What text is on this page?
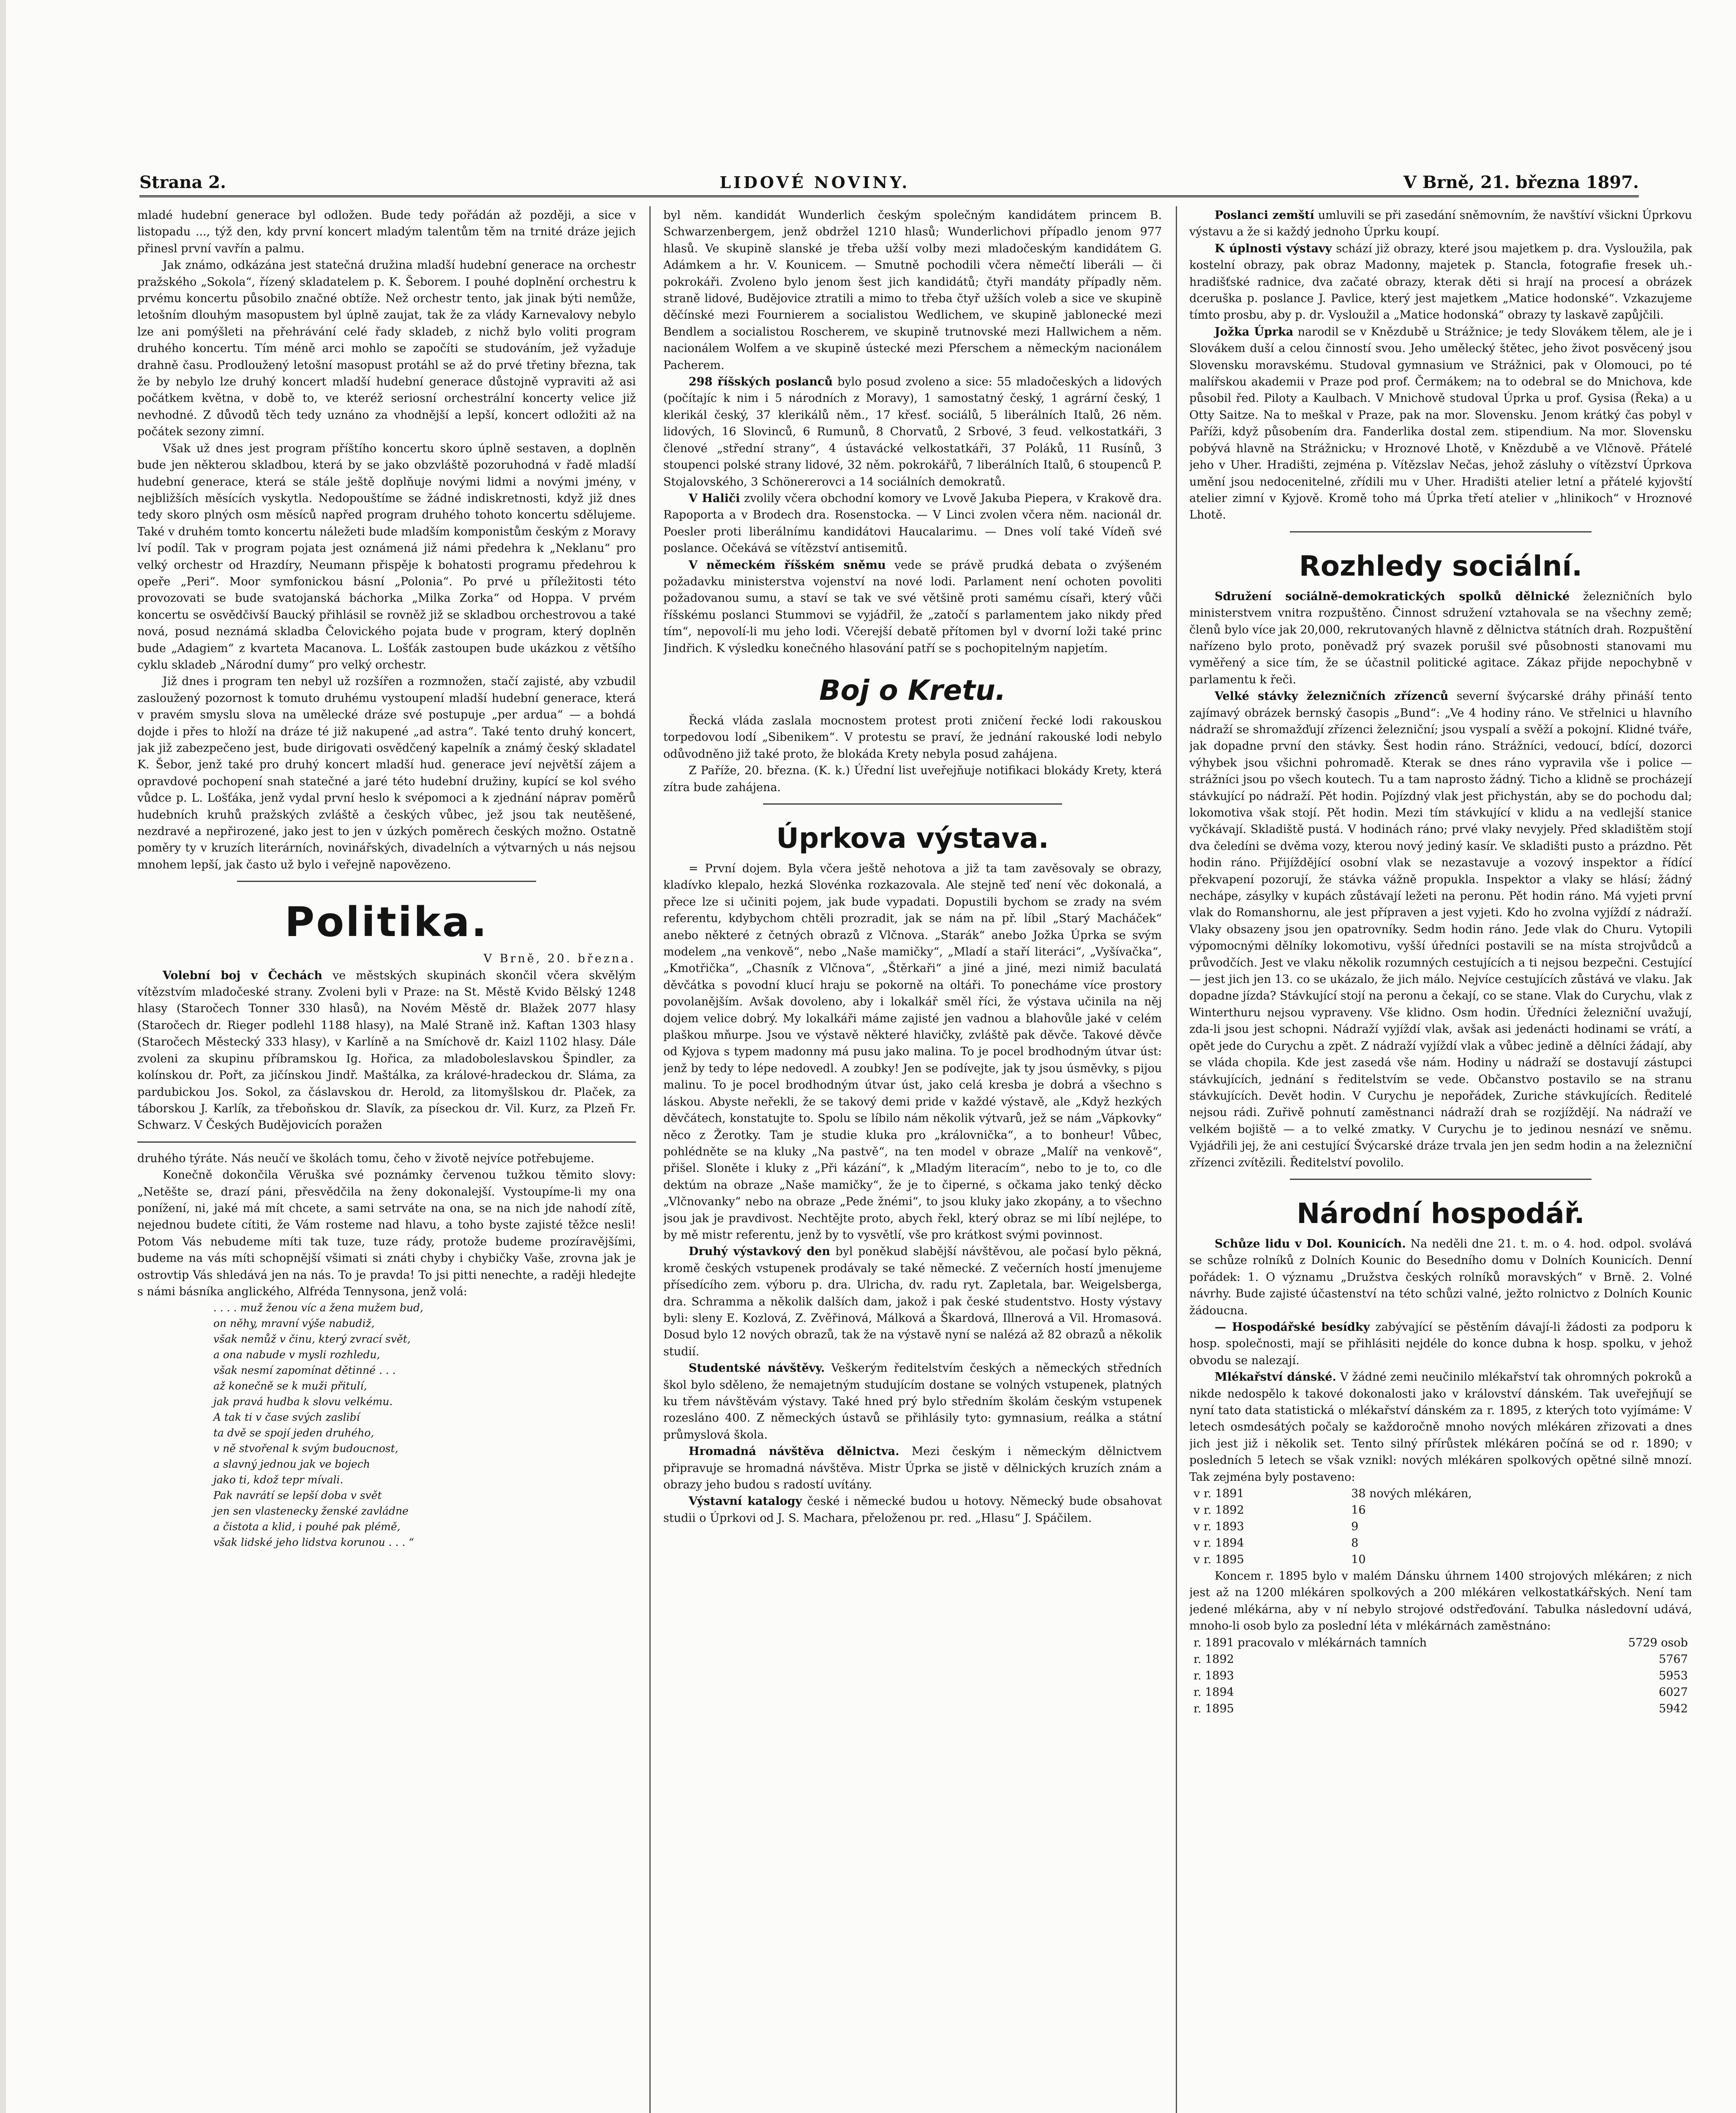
Strana 2.	LIDOVÉ NOVINY.	V Brně, 21. března 1897.

mladé hudební generace byl odložen. Bude tedy pořádán až později, a sice v listopadu ..., týž den, kdy první koncert mladým talentům těm na trnité dráze jejich přinesl první vavřín a palmu.

Jak známo, odkázána jest statečná družina mladší hudební generace na orchestr pražského „Sokola“, řízený skladatelem p. K. Šeborem. I pouhé doplnění orchestru k prvému koncertu působilo značné obtíže. Než orchestr tento, jak jinak býti nemůže, letošním dlouhým masopustem byl úplně zaujat, tak že za vlády Karnevalovy nebylo lze ani pomýšleti na přehrávání celé řady skladeb, z nichž bylo voliti program druhého koncertu. Tím méně arci mohlo se započíti se studováním, jež vyžaduje drahně času. Prodloužený letošní masopust protáhl se až do prvé třetiny března, tak že by nebylo lze druhý koncert mladší hudební generace důstojně vypraviti až asi počátkem května, v době to, ve kteréž seriosní orchestrální koncerty velice již nevhodné. Z důvodů těch tedy uznáno za vhodnější a lepší, koncert odložiti až na počátek sezony zimní.

Však už dnes jest program příštího koncertu skoro úplně sestaven, a doplněn bude jen některou skladbou, která by se jako obzvláště pozoruhodná v řadě mladší hudební generace, která se stále ještě doplňuje novými lidmi a novými jmény, v nejbližších měsících vyskytla. Nedopouštíme se žádné indiskretnosti, když již dnes tedy skoro plných osm měsíců napřed program druhého tohoto koncertu sdělujeme. Také v druhém tomto koncertu náležeti bude mladším komponistům českým z Moravy lví podíl. Tak v program pojata jest oznámená již námi předehra k „Neklanu“ pro velký orchestr od Hrazdíry, Neumann přispěje k bohatosti programu předehrou k opeře „Peri“. Moor symfonickou básní „Polonia“. Po prvé u příležitosti této provozovati se bude svatojanská báchorka „Milka Zorka“ od Hoppa. V prvém koncertu se osvědčivší Baucký přihlásil se rovněž již se skladbou orchestrovou a také nová, posud neznámá skladba Čelovického pojata bude v program, který doplněn bude „Adagiem“ z kvarteta Macanova. L. Lošťák zastoupen bude ukázkou z většího cyklu skladeb „Národní dumy“ pro velký orchestr.

Již dnes i program ten nebyl už rozšířen a rozmnožen, stačí zajisté, aby vzbudil zasloužený pozornost k tomuto druhému vystoupení mladší hudební generace, která v pravém smyslu slova na umělecké dráze své postupuje „per ardua“ — a bohdá dojde i přes to hloží na dráze té již nakupené „ad astra“. Také tento druhý koncert, jak již zabezpečeno jest, bude dirigovati osvědčený kapelník a známý český skladatel K. Šebor, jenž také pro druhý koncert mladší hud. generace jeví největší zájem a opravdové pochopení snah statečné a jaré této hudební družiny, kupící se kol svého vůdce p. L. Lošťáka, jenž vydal první heslo k svépomoci a k zjednání náprav poměrů hudebních kruhů pražských zvláště a českých vůbec, jež jsou tak neutěšené, nezdravé a nepřirozené, jako jest to jen v úzkých poměrech českých možno. Ostatně poměry ty v kruzích literárních, novinářských, divadelních a výtvarných u nás nejsou mnohem lepší, jak často už bylo i veřejně napovězeno.

Politika.
V Brně, 20. března.

Volební boj v Čechách ve městských skupinách skončil včera skvělým vítězstvím mladočeské strany. Zvoleni byli v Praze: na St. Městě Kvido Bělský 1248 hlasy (Staročech Tonner 330 hlasů), na Novém Městě dr. Blažek 2077 hlasy (Staročech dr. Rieger podlehl 1188 hlasy), na Malé Straně inž. Kaftan 1303 hlasy (Staročech Městecký 333 hlasy), v Karlíně a na Smíchově dr. Kaizl 1102 hlasy. Dále zvoleni za skupinu příbramskou Ig. Hořica, za mladoboleslavskou Špindler, za kolínskou dr. Pořt, za jičínskou Jindř. Maštálka, za králové-hradeckou dr. Sláma, za pardubickou Jos. Sokol, za čáslavskou dr. Herold, za litomyšlskou dr. Plaček, za táborskou J. Karlík, za třeboňskou dr. Slavík, za píseckou dr. Vil. Kurz, za Plzeň Fr. Schwarz. V Českých Budějovicích poražen

druhého týráte. Nás neučí ve školách tomu, čeho v životě nejvíce potřebujeme.

Konečně dokončila Věruška své poznámky červenou tužkou těmito slovy: „Netěšte se, drazí páni, přesvědčila na ženy dokonalejší. Vystoupíme-li my ona ponížení, ni, jaké má mít chcete, a sami setrváte na ona, se na nich jde nahodí zítě, nejednou budete cítiti, že Vám rosteme nad hlavu, a toho byste zajisté těžce nesli! Potom Vás nebudeme míti tak tuze, tuze rády, protože budeme prozíravějšími, budeme na vás míti schopnější všimati si znáti chyby i chybičky Vaše, zrovna jak je ostrovtip Vás shledává jen na nás. To je pravda! To jsi pitti nenechte, a raději hledejte s námi básníka anglického, Alfréda Tennysona, jenž volá:

. . . . muž ženou víc a žena mužem bud,
on něhy, mravní výše nabudiž,
však nemůž v činu, který zvrací svět,
a ona nabude v mysli rozhledu,
však nesmí zapomínat dětinné . . .
až konečně se k muži přitulí,
jak pravá hudba k slovu velkému.
A tak ti v čase svých zaslibí
ta dvě se spojí jeden druhého,
v ně stvořenal k svým budoucnost,
a slavný jednou jak ve bojech
jako ti, kdož tepr mívali.
Pak navrátí se lepší doba v svět
jen sen vlastenecky ženské zavládne
a čistota a klid, i pouhé pak plémě,
však lidské jeho lidstva korunou . . . “

byl něm. kandidát Wunderlich českým společným kandidátem princem B. Schwarzenbergem, jenž obdržel 1210 hlasů; Wunderlichovi případlo jenom 977 hlasů. Ve skupině slanské je třeba užší volby mezi mladočeským kandidátem G. Adámkem a hr. V. Kounicem. — Smutně pochodili včera němečtí liberáli — či pokrokáři. Zvoleno bylo jenom šest jich kandidátů; čtyři mandáty případly něm. straně lidové, Budějovice ztratili a mimo to třeba čtyř užších voleb a sice ve skupině děčínské mezi Fournierem a socialistou Wedlichem, ve skupině jablonecké mezi Bendlem a socialistou Roscherem, ve skupině trutnovské mezi Hallwichem a něm. nacionálem Wolfem a ve skupině ústecké mezi Pferschem a německým nacionálem Pacherem.

298 říšských poslanců bylo posud zvoleno a sice: 55 mladočeských a lidových (počítajíc k nim i 5 národních z Moravy), 1 samostatný český, 1 agrární český, 1 klerikál český, 37 klerikálů něm., 17 křesť. sociálů, 5 liberálních Italů, 26 něm. lidových, 16 Slovinců, 6 Rumunů, 8 Chorvatů, 2 Srbové, 3 feud. velkostatkáři, 3 členové „střední strany“, 4 ústavácké velkostatkáři, 37 Poláků, 11 Rusínů, 3 stoupenci polské strany lidové, 32 něm. pokrokářů, 7 liberálních Italů, 6 stoupenců P. Stojalovského, 3 Schönererovci a 14 sociálních demokratů.

V Haliči zvolily včera obchodní komory ve Lvově Jakuba Piepera, v Krakově dra. Rapoporta a v Brodech dra. Rosenstocka. — V Linci zvolen včera něm. nacionál dr. Poesler proti liberálnímu kandidátovi Haucalarimu. — Dnes volí také Vídeň své poslance. Očekává se vítězství antisemitů.

V německém říšském sněmu vede se právě prudká debata o zvýšeném požadavku ministerstva vojenství na nové lodi. Parlament není ochoten povoliti požadovanou sumu, a staví se tak ve své většině proti samému císaři, který vůči říšskému poslanci Stummovi se vyjádřil, že „zatočí s parlamentem jako nikdy před tím“, nepovolí-li mu jeho lodi. Včerejší debatě přítomen byl v dvorní loži také princ Jindřich. K výsledku konečného hlasování patří se s pochopitelným napjetím.

Boj o Kretu.

Řecká vláda zaslala mocnostem protest proti zničení řecké lodi rakouskou torpedovou lodí „Sibenikem“. V protestu se praví, že jednání rakouské lodi nebylo odůvodněno již také proto, že blokáda Krety nebyla posud zahájena.

Z Paříže, 20. března. (K. k.) Úřední list uveřejňuje notifikaci blokády Krety, která zítra bude zahájena.

Úprkova výstava.

= První dojem. Byla včera ještě nehotova a již ta tam zavěsovaly se obrazy, kladívko klepalo, hezká Slovénka rozkazovala. Ale stejně teď není věc dokonalá, a přece lze si učiniti pojem, jak bude vypadati. Dopustili bychom se zrady na svém referentu, kdybychom chtěli prozradit, jak se nám na př. líbil „Starý Macháček“ anebo některé z četných obrazů z Vlčnova. „Starák“ anebo Jožka Úprka se svým modelem „na venkově“, nebo „Naše mamičky“, „Mladí a staří literáci“, „Vyšívačka“, „Kmotřička“, „Chasník z Vlčnova“, „Štěrkaři“ a jiné a jiné, mezi nimiž baculatá děvčátka s povodní klucí hraju se pokorně na oltáři. To ponecháme více prostory povolanějším. Avšak dovoleno, aby i lokalkář směl říci, že výstava učinila na něj dojem velice dobrý. My lokalkáři máme zajisté jen vadnou a blahovůle jaké v celém plaškou mňurpe. Jsou ve výstavě některé hlavičky, zvláště pak děvče. Takové děvče od Kyjova s typem madonny má pusu jako malina. To je pocel brodhodným útvar úst: jenž by tedy to lépe nedovedl. A zoubky! Jen se podívejte, jak ty jsou úsměvky, s pijou malinu. To je pocel brodhodným útvar úst, jako celá kresba je dobrá a všechno s láskou. Abyste neřekli, že se takový demi pride v každé výstavě, ale „Když hezkých děvčátech, konstatujte to. Spolu se líbilo nám několik výtvarů, jež se nám „Vápkovky“ něco z Žerotky. Tam je studie kluka pro „královnička“, a to bonheur! Vůbec, pohlédněte se na kluky „Na pastvě“, na ten model v obraze „Malíř na venkově“, přišel. Sloněte i kluky z „Při kázání“, k „Mladým literacím“, nebo to je to, co dle dektúm na obraze „Naše mamičky“, že je to čiperné, s očkama jako tenký děcko „Vlčnovanky“ nebo na obraze „Pede žnémi“, to jsou kluky jako zkopány, a to všechno jsou jak je pravdivost. Nechtějte proto, abych řekl, který obraz se mi líbí nejlépe, to by mě mistr referentu, jenž by to vysvětlí, vše pro krátkost svými povinnost.

Druhý výstavkový den byl poněkud slabější návštěvou, ale počasí bylo pěkná, kromě českých vstupenek prodávaly se také německé. Z večerních hostí jmenujeme přísedícího zem. výboru p. dra. Ulricha, dv. radu ryt. Zapletala, bar. Weigelsberga, dra. Schramma a několik dalších dam, jakož i pak české studentstvo. Hosty výstavy byli: sleny E. Kozlová, Z. Zvěřinová, Málková a Škardová, Illnerová a Vil. Hromasová. Dosud bylo 12 nových obrazů, tak že na výstavě nyní se nalézá až 82 obrazů a několik studií.

Studentské návštěvy. Veškerým ředitelstvím českých a německých středních škol bylo sděleno, že nemajetným studujícím dostane se volných vstupenek, platných ku třem návštěvám výstavy. Také hned prý bylo středním školám českým vstupenek rozesláno 400. Z německých ústavů se přihlásily tyto: gymnasium, reálka a státní průmyslová škola.

Hromadná návštěva dělnictva. Mezi českým i německým dělnictvem připravuje se hromadná návštěva. Mistr Úprka se jistě v dělnických kruzích znám a obrazy jeho budou s radostí uvítány.

Výstavní katalogy české i německé budou u hotovy. Německý bude obsahovat studii o Úprkovi od J. S. Machara, přeloženou pr. red. „Hlasu“ J. Spáčilem.

Poslanci zemští umluvili se při zasedání sněmovním, že navštíví všickni Úprkovu výstavu a že si každý jednoho Úprku koupí.

K úplnosti výstavy schází již obrazy, které jsou majetkem p. dra. Vysloužila, pak kostelní obrazy, pak obraz Madonny, majetek p. Stancla, fotografie fresek uh.-hradišťské radnice, dva začaté obrazy, kterak děti si hrají na procesí a obrázek dceruška p. poslance J. Pavlice, který jest majetkem „Matice hodonské“. Vzkazujeme tímto prosbu, aby p. dr. Vysloužil a „Matice hodonská“ obrazy ty laskavě zapůjčili.

Jožka Úprka narodil se v Knězdubě u Strážnice; je tedy Slovákem tělem, ale je i Slovákem duší a celou činností svou. Jeho umělecký štětec, jeho život posvěcený jsou Slovensku moravskému. Studoval gymnasium ve Strážnici, pak v Olomouci, po té malířskou akademii v Praze pod prof. Čermákem; na to odebral se do Mnichova, kde působil řed. Piloty a Kaulbach. V Mnichově studoval Úprka u prof. Gysisa (Řeka) a u Otty Saitze. Na to meškal v Praze, pak na mor. Slovensku. Jenom krátký čas pobyl v Paříži, když působením dra. Fanderlika dostal zem. stipendium. Na mor. Slovensku pobývá hlavně na Strážnicku; v Hroznové Lhotě, v Knězdubě a ve Vlčnově. Přátelé jeho v Uher. Hradišti, zejména p. Vítězslav Nečas, jehož zásluhy o vítězství Úprkova umění jsou nedocenitelné, zřídili mu v Uher. Hradišti atelier letní a přátelé kyjovští atelier zimní v Kyjově. Kromě toho má Úprka třetí atelier v „hlinikoch“ v Hroznové Lhotě.

Rozhledy sociální.

Sdružení sociálně-demokratických spolků dělnické železničních bylo ministerstvem vnitra rozpuštěno. Činnost sdružení vztahovala se na všechny země; členů bylo více jak 20,000, rekrutovaných hlavně z dělnictva státních drah. Rozpuštění nařízeno bylo proto, poněvadž prý svazek porušil své působnosti stanovami mu vyměřený a sice tím, že se účastnil politické agitace. Zákaz přijde nepochybně v parlamentu k řeči.

Velké stávky železničních zřízenců severní švýcarské dráhy přináší tento zajímavý obrázek bernský časopis „Bund“: „Ve 4 hodiny ráno. Ve střelnici u hlavního nádraží se shromažďují zřízenci železniční; jsou vyspalí a svěží a pokojní. Klidné tváře, jak dopadne první den stávky. Šest hodin ráno. Strážníci, vedoucí, bdící, dozorci výhybek jsou všichni pohromadě. Kterak se dnes ráno vypravila vše i police — strážníci jsou po všech koutech. Tu a tam naprosto žádný. Ticho a klidně se procházejí stávkující po nádraží. Pět hodin. Pojízdný vlak jest přichystán, aby se do pochodu dal; lokomotiva však stojí. Pět hodin. Mezi tím stávkující v klidu a na vedlejší stanice vyčkávají. Skladiště pustá. V hodinách ráno; prvé vlaky nevyjely. Před skladištěm stojí dva čeledíni se dvěma vozy, kterou nový jediný kasír. Ve skladišti pusto a prázdno. Pět hodin ráno. Přijíždějící osobní vlak se nezastavuje a vozový inspektor a řídící překvapení pozorují, že stávka vážně propukla. Inspektor a vlaky se hlásí; žádný nechápe, zásylky v kupách zůstávají ležeti na peronu. Pět hodin ráno. Má vyjeti první vlak do Romanshornu, ale jest přípraven a jest vyjeti. Kdo ho zvolna vyjíždí z nádraží. Vlaky obsazeny jsou jen opatrovníky. Sedm hodin ráno. Jede vlak do Churu. Vytopili výpomocnými dělníky lokomotivu, vyšší úředníci postavili se na místa strojvůdců a průvodčích. Jest ve vlaku několik rozumných cestujících a ti nejsou bezpečni. Cestující — jest jich jen 13. co se ukázalo, že jich málo. Nejvíce cestujících zůstává ve vlaku. Jak dopadne jízda? Stávkující stojí na peronu a čekají, co se stane. Vlak do Curychu, vlak z Winterthuru nejsou vypraveny. Vše klidno. Osm hodin. Úředníci železniční uvažují, zda-li jsou jest schopni. Nádraží vyjíždí vlak, avšak asi jedenácti hodinami se vrátí, a opět jede do Curychu a zpět. Z nádraží vyjíždí vlak a vůbec jedině a dělníci žádají, aby se vláda chopila. Kde jest zasedá vše nám. Hodiny u nádraží se dostavují zástupci stávkujících, jednání s ředitelstvím se vede. Občanstvo postavilo se na stranu stávkujících. Devět hodin. V Curychu je nepořádek, Zuriche stávkujících. Ředitelé nejsou rádi. Zuřivě pohnutí zaměstnanci nádraží drah se rozjíždějí. Na nádraží ve velkém bojiště — a to velké zmatky. V Curychu je to jedinou nesnází ve sněmu. Vyjádřili jej, že ani cestující Švýcarské dráze trvala jen jen sedm hodin a na železniční zřízenci zvítězili. Ředitelství povolilo.

Národní hospodář.

Schůze lidu v Dol. Kounicích. Na neděli dne 21. t. m. o 4. hod. odpol. svolává se schůze rolníků z Dolních Kounic do Besedního domu v Dolních Kounicích. Denní pořádek: 1. O významu „Družstva českých rolníků moravských“ v Brně. 2. Volné návrhy. Bude zajisté účastenství na této schůzi valné, ježto rolnictvo z Dolních Kounic žádoucna.

— Hospodářské besídky zabývající se pěstěním dávají-li žádosti za podporu k hosp. společnosti, mají se přihlásiti nejdéle do konce dubna k hosp. spolku, v jehož obvodu se nalezají.

Mlékařství dánské. V žádné zemi neučinilo mlékařství tak ohromných pokroků a nikde nedospělo k takové dokonalosti jako v království dánském. Tak uveřejňují se nyní tato data statistická o mlékařství dánském za r. 1895, z kterých toto vyjímáme: V letech osmdesátých počaly se každoročně mnoho nových mlékáren zřizovati a dnes jich jest již i několik set. Tento silný přírůstek mlékáren počíná se od r. 1890; v posledních 5 letech se však vznikl: nových mlékáren spolkových opětné silně mnozí. Tak zejména byly postaveno:

v r. 1891	38 nových mlékáren,
v r. 1892	16
v r. 1893	9
v r. 1894	8
v r. 1895	10

Koncem r. 1895 bylo v malém Dánsku úhrnem 1400 strojových mlékáren; z nich jest až na 1200 mlékáren spolkových a 200 mlékáren velkostatkářských. Není tam jedené mlékárna, aby v ní nebylo strojové odstřeďování. Tabulka následovní udává, mnoho-li osob bylo za poslední léta v mlékárnách zaměstnáno:

r. 1891 pracovalo v mlékárnách tamních	5729 osob
r. 1892	5767
r. 1893	5953
r. 1894	6027
r. 1895	5942
